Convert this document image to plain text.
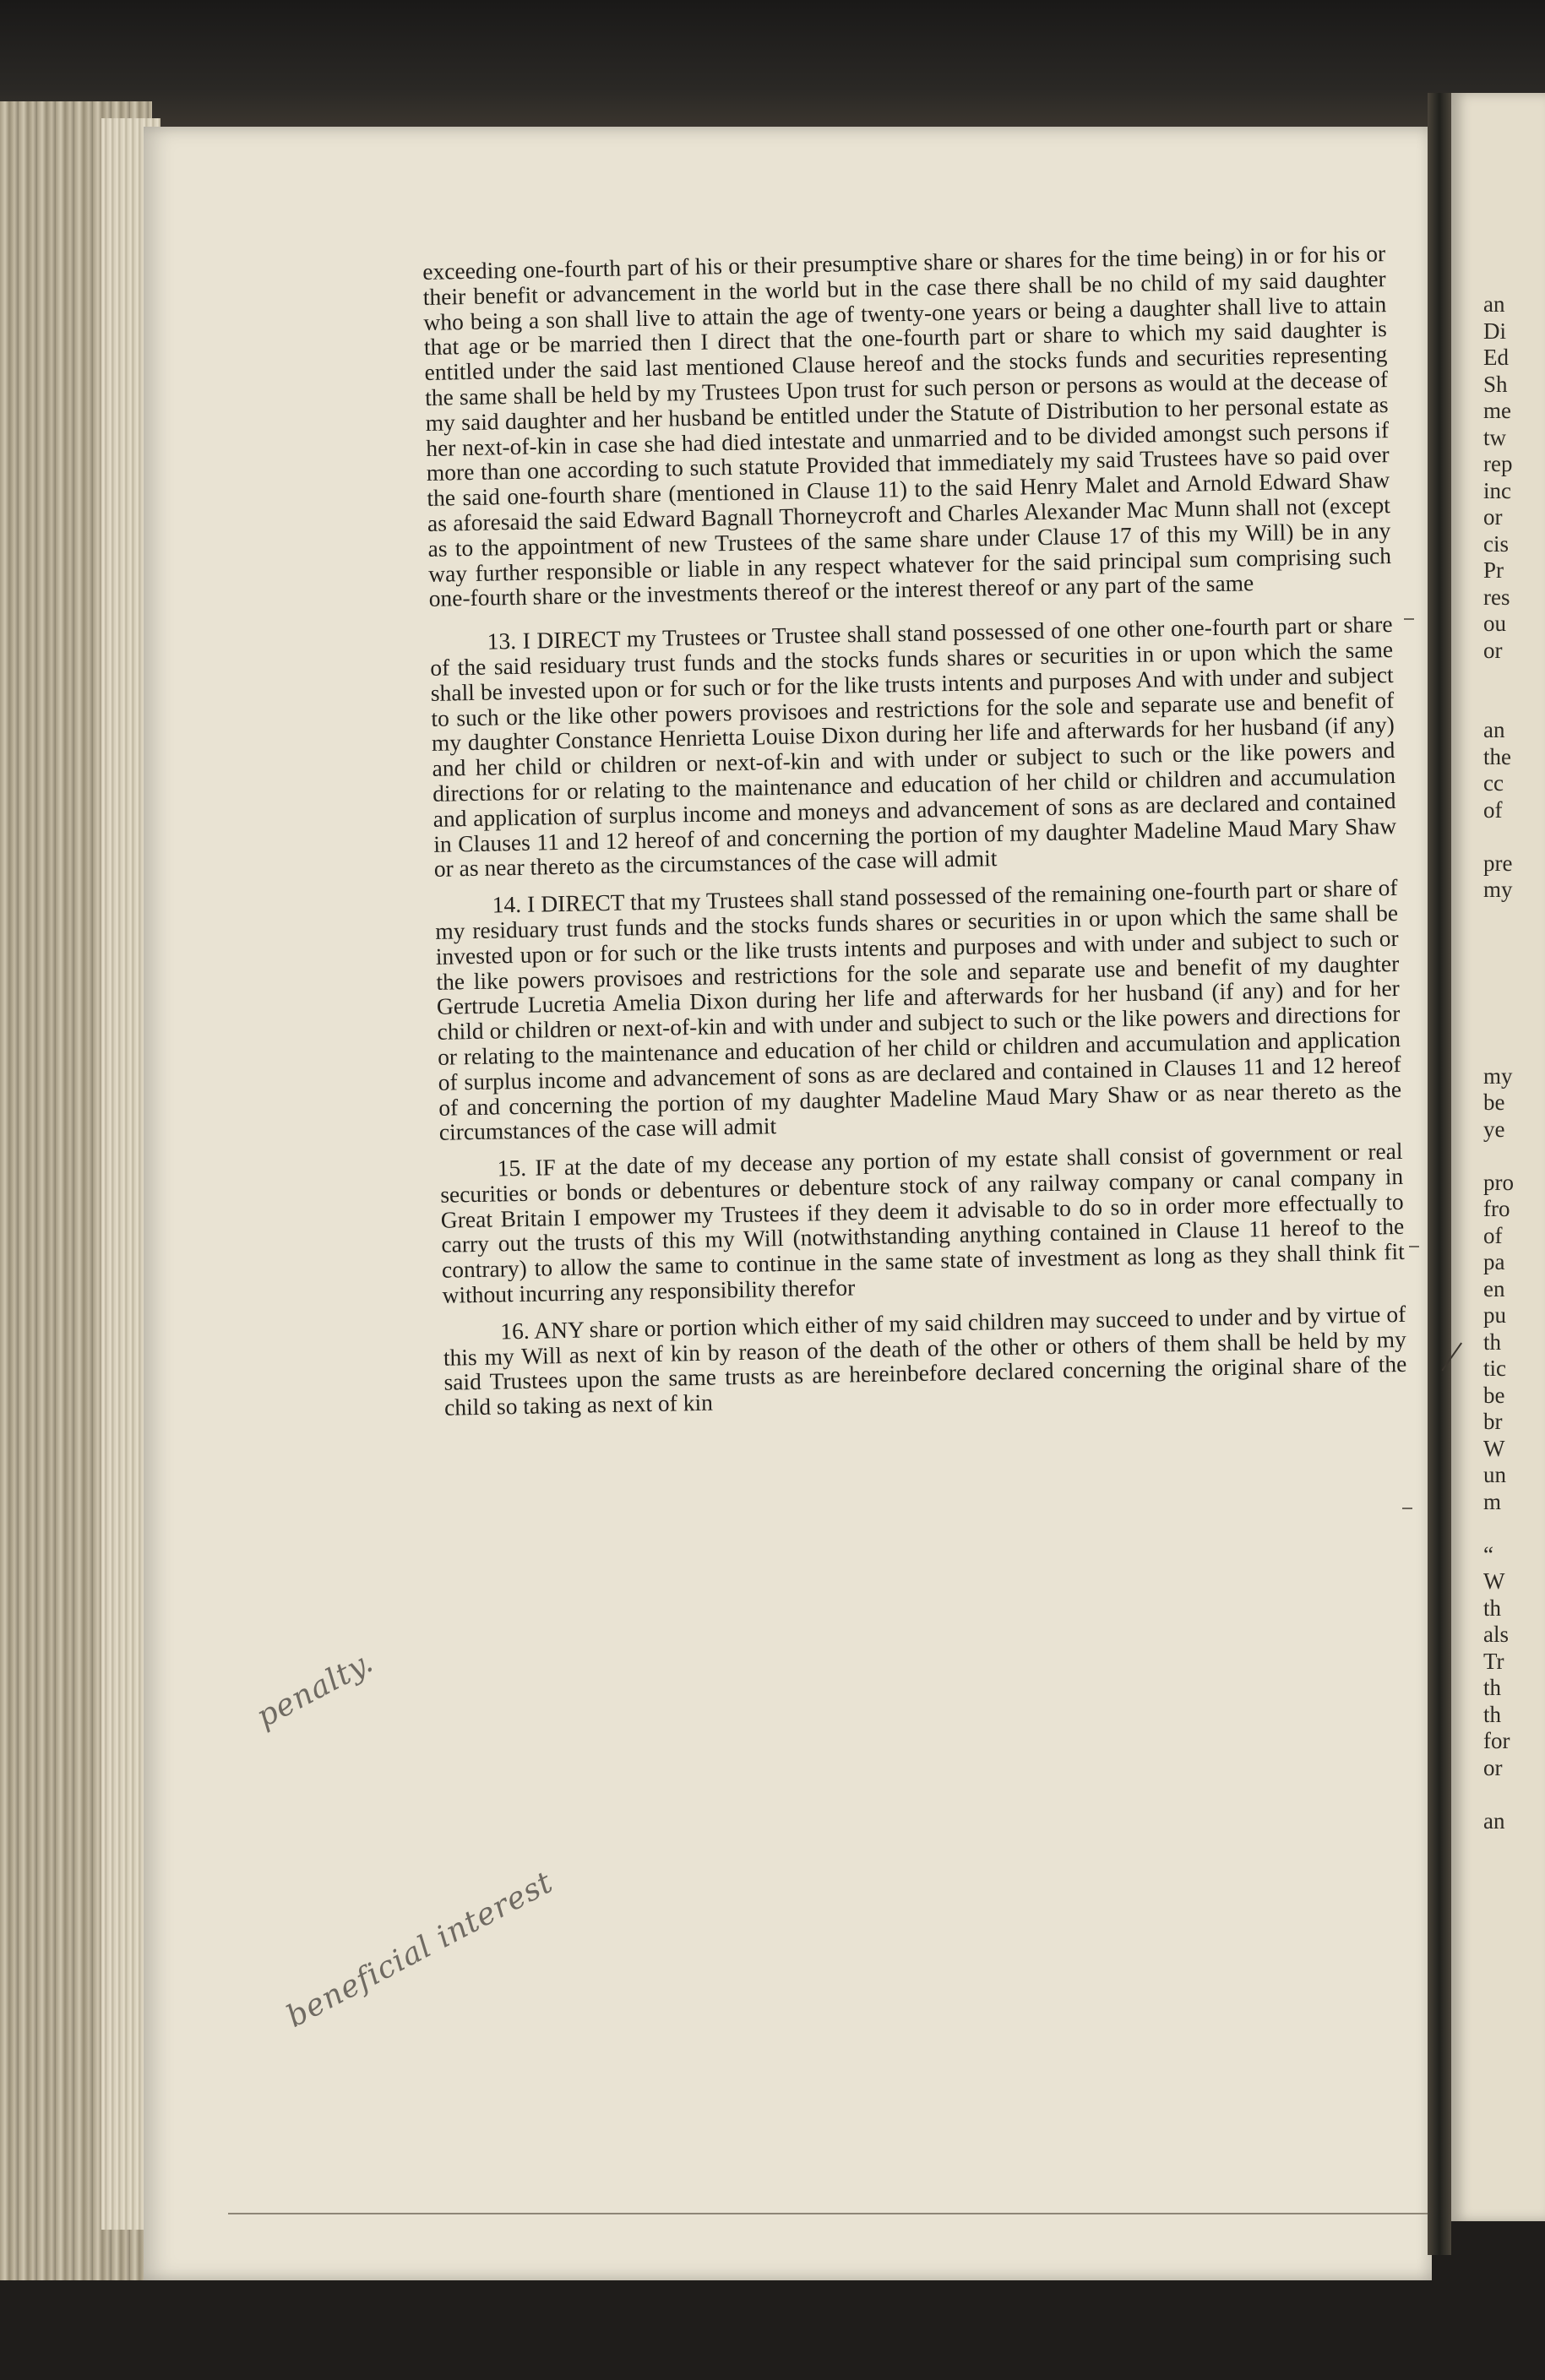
an
Di
Ed
Sh
me
tw
rep
inc
or
cis
Pr
res
ou
or
an
the
cc
of
pre
my
my
be
ye
pro
fro
of
pa
en
pu
th
tic
be
br
W
un
m
“
W
th
als
Tr
th
th
for
or
an

exceeding one-fourth part of his or their presumptive share or shares for the time being) in or for his or their benefit or advancement in the world but in the case there shall be no child of my said daughter who being a son shall live to attain the age of twenty-one years or being a daughter shall live to attain that age or be married then I direct that the one-fourth part or share to which my said daughter is entitled under the said last mentioned Clause hereof and the stocks funds and securities representing the same shall be held by my Trustees Upon trust for such person or persons as would at the decease of my said daughter and her husband be entitled under the Statute of Distribution to her personal estate as her next-of-kin in case she had died intestate and unmarried and to be divided amongst such persons if more than one according to such statute Provided that immediately my said Trustees have so paid over the said one-fourth share (mentioned in Clause 11) to the said Henry Malet and Arnold Edward Shaw as aforesaid the said Edward Bagnall Thorneycroft and Charles Alexander Mac Munn shall not (except as to the appointment of new Trustees of the same share under Clause 17 of this my Will) be in any way further responsible or liable in any respect whatever for the said principal sum comprising such one-fourth share or the investments thereof or the interest thereof or any part of the same

13. I DIRECT my Trustees or Trustee shall stand possessed of one other one-fourth part or share of the said residuary trust funds and the stocks funds shares or securities in or upon which the same shall be invested upon or for such or for the like trusts intents and purposes And with under and subject to such or the like other powers provisoes and restrictions for the sole and separate use and benefit of my daughter Constance Henrietta Louise Dixon during her life and afterwards for her husband (if any) and her child or children or next-of-kin and with under or subject to such or the like powers and directions for or relating to the maintenance and education of her child or children and accumulation and application of surplus income and moneys and advancement of sons as are declared and contained in Clauses 11 and 12 hereof of and concerning the portion of my daughter Madeline Maud Mary Shaw or as near thereto as the circumstances of the case will admit

14. I DIRECT that my Trustees shall stand possessed of the remaining one-fourth part or share of my residuary trust funds and the stocks funds shares or securities in or upon which the same shall be invested upon or for such or the like trusts intents and purposes and with under and subject to such or the like powers provisoes and restrictions for the sole and separate use and benefit of my daughter Gertrude Lucretia Amelia Dixon during her life and afterwards for her husband (if any) and for her child or children or next-of-kin and with under and subject to such or the like powers and directions for or relating to the maintenance and education of her child or children and accumulation and application of surplus income and advancement of sons as are declared and contained in Clauses 11 and 12 hereof of and concerning the portion of my daughter Madeline Maud Mary Shaw or as near thereto as the circumstances of the case will admit

15. IF at the date of my decease any portion of my estate shall consist of government or real securities or bonds or debentures or debenture stock of any railway company or canal company in Great Britain I empower my Trustees if they deem it advisable to do so in order more effectually to carry out the trusts of this my Will (notwithstanding anything contained in Clause 11 hereof to the contrary) to allow the same to continue in the same state of investment as long as they shall think fit without incurring any responsibility therefor

16. ANY share or portion which either of my said children may succeed to under and by virtue of this my Will as next of kin by reason of the death of the other or others of them shall be held by my said Trustees upon the same trusts as are hereinbefore declared concerning the original share of the child so taking as next of kin

penalty.
beneficial interest
